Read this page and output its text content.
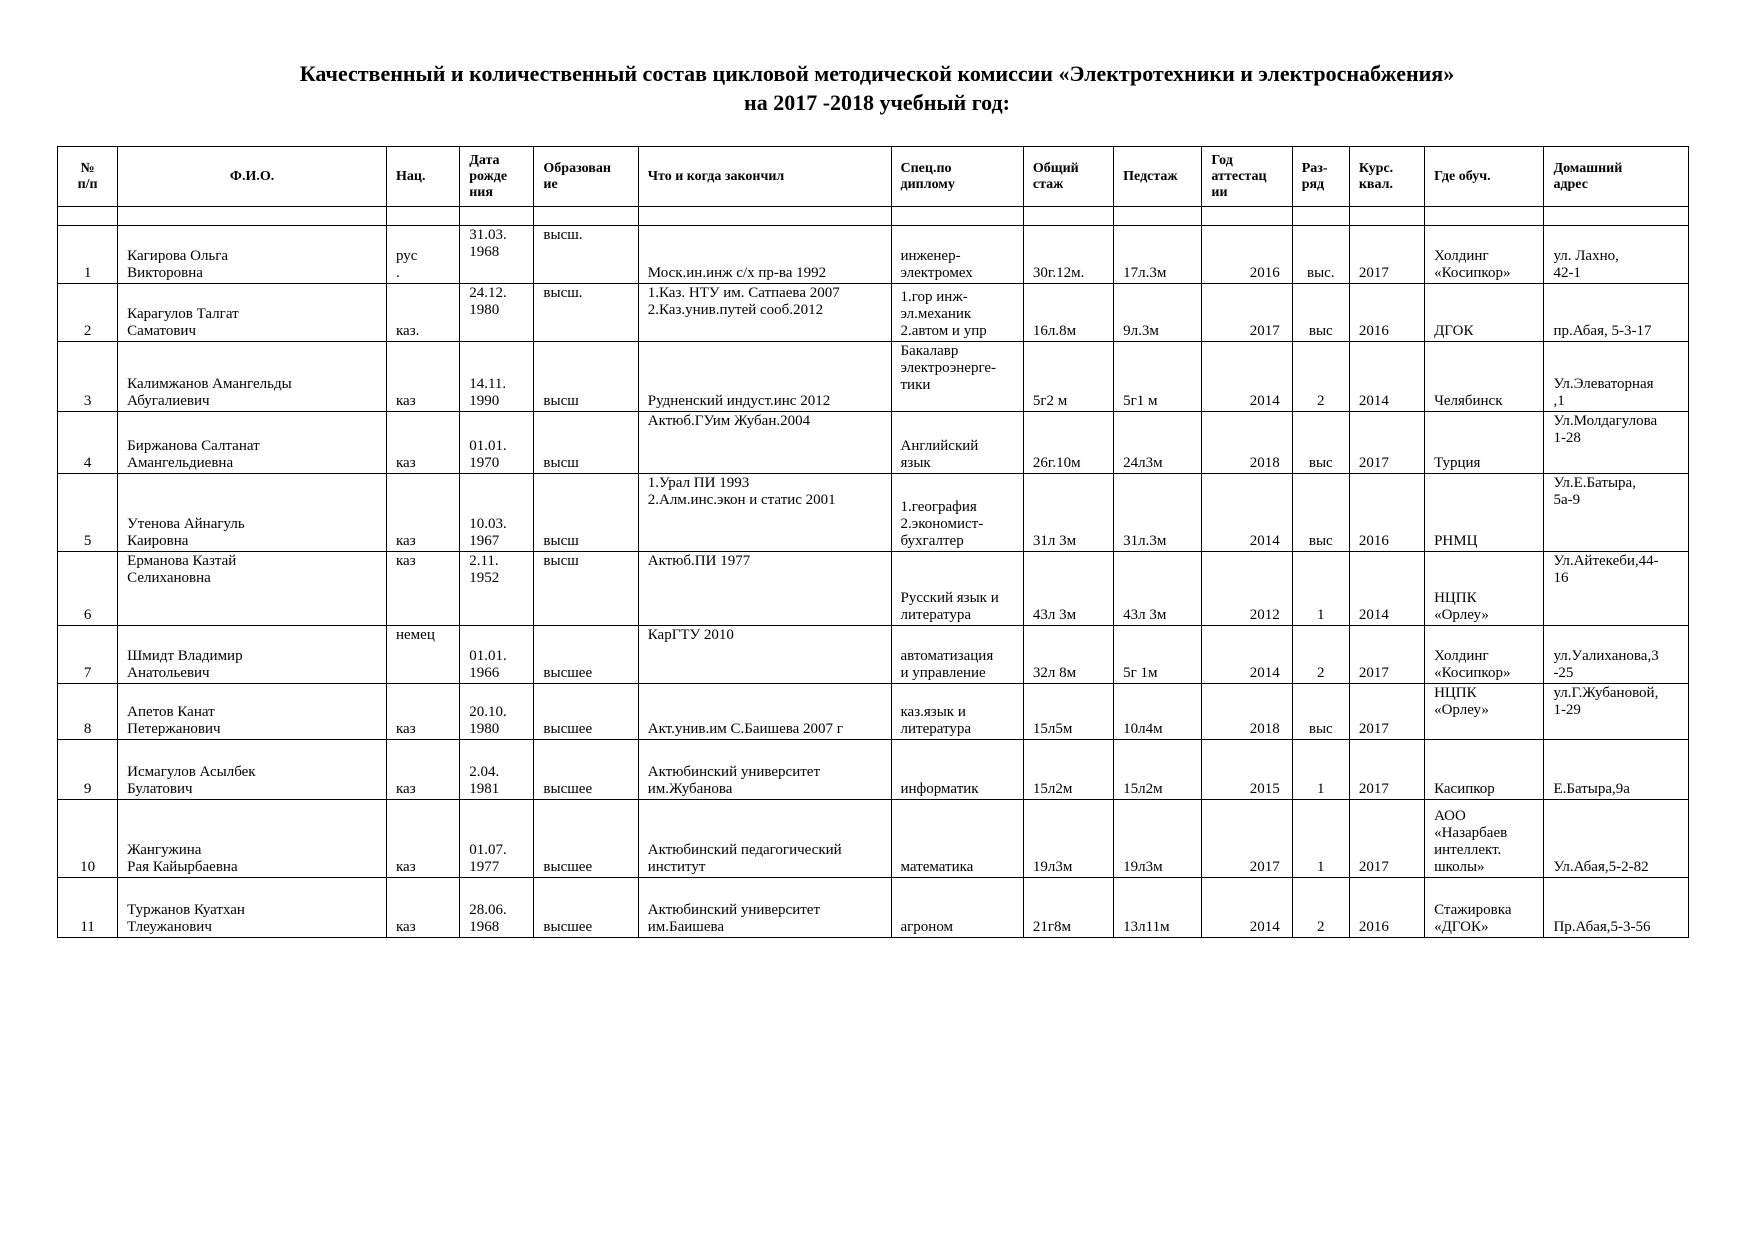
Качественный и количественный состав цикловой методической комиссии «Электротехники и электроснабжения»
на 2017 -2018 учебный год:
№
п/п	Ф.И.О.	Нац.	Дата
рожде
ния	Образован
ие	Что и когда закончил	Спец.по
диплому	Общий
стаж	Педстаж	Год
аттестац
ии	Раз-
ряд	Курс.
квал.	Где обуч.	Домашний
адрес

1	Кагирова Ольга
Викторовна	рус
.	31.03.
1968	высш.	Моск.ин.инж с/х пр-ва 1992	инженер-
электромех	30г.12м.	17л.3м	2016	выс.	2017	Холдинг
«Косипкор»	ул. Лахно,
42-1

2	Карагулов Талгат
Саматович	каз.	24.12.
1980	высш.	1.Каз. НТУ им. Сатпаева 2007
2.Каз.унив.путей сооб.2012	1.гор инж-
эл.механик
2.автом и упр	16л.8м	9л.3м	2017	выс	2016	ДГОК	пр.Абая, 5-3-17

3	Калимжанов Амангельды
Абугалиевич	каз	14.11.
1990	высш	Рудненский индуст.инс 2012	Бакалавр
электроэнерге-
тики	5г2 м	5г1 м	2014	2	2014	Челябинск	Ул.Элеваторная
,1

4	Биржанова Салтанат
Амангельдиевна	каз	01.01.
1970	высш	Актюб.ГУим Жубан.2004	Английский
язык	26г.10м	24л3м	2018	выс	2017	Турция	Ул.Молдагулова
1-28

5	Утенова Айнагуль
Каировна	каз	10.03.
1967	высш	1.Урал ПИ 1993
2.Алм.инс.экон и статис 2001	1.география
2.экономист-
бухгалтер	31л 3м	31л.3м	2014	выс	2016	РНМЦ	Ул.Е.Батыра,
5а-9

6	Ерманова Казтай
Селихановна	каз	2.11.
1952	высш	Актюб.ПИ 1977	Русский язык и
литература	43л 3м	43л 3м	2012	1	2014	НЦПК
«Орлеу»	Ул.Айтекеби,44-
16

7	Шмидт Владимир
Анатольевич	немец	01.01.
1966	высшее	КарГТУ 2010	автоматизация
и управление	32л 8м	5г 1м	2014	2	2017	Холдинг
«Косипкор»	ул.Уалиханова,3
-25

8	Апетов Канат
Петержанович	каз	20.10.
1980	высшее	Акт.унив.им С.Баишева 2007 г	каз.язык и
литература	15л5м	10л4м	2018	выс	2017	НЦПК
«Орлеу»	ул.Г.Жубановой,
1-29

9	Исмагулов Асылбек
Булатович	каз	2.04.
1981	высшее	Актюбинский университет
им.Жубанова	информатик	15л2м	15л2м	2015	1	2017	Касипкор	Е.Батыра,9а

10	Жангужина
Рая Кайырбаевна	каз	01.07.
1977	высшее	Актюбинский педагогический
институт	математика	19л3м	19л3м	2017	1	2017	АОО
«Назарбаев
интеллект.
школы»	Ул.Абая,5-2-82

11	Туржанов Куатхан
Тлеужанович	каз	28.06.
1968	высшее	Актюбинский университет
им.Баишева	агроном	21г8м	13л11м	2014	2	2016	Стажировка
«ДГОК»	Пр.Абая,5-3-56
